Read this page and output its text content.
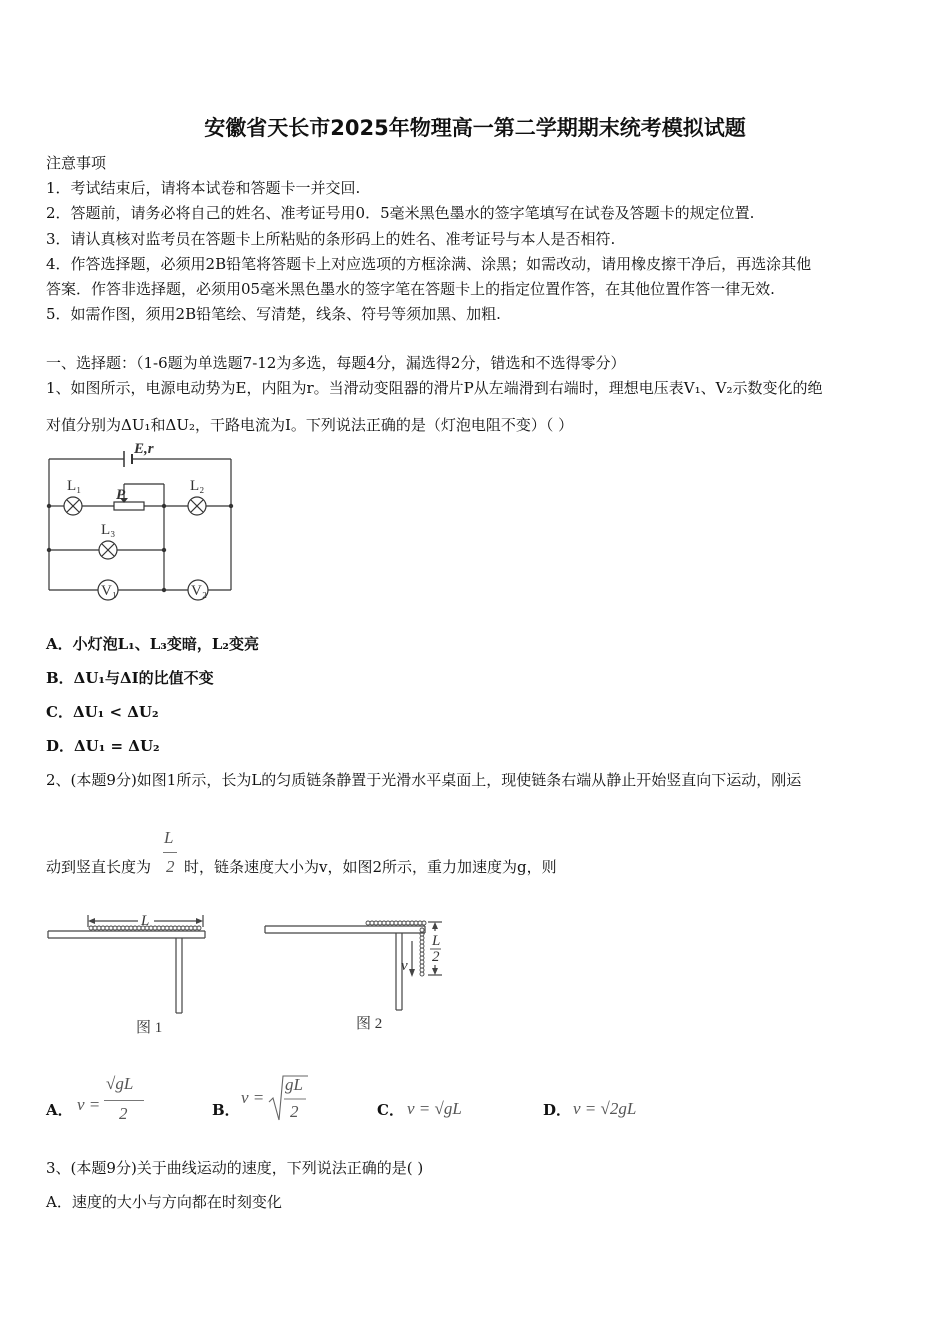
安徽省天长市2025年物理高一第二学期期末统考模拟试题
注意事项
1．考试结束后，请将本试卷和答题卡一并交回.
2．答题前，请务必将自己的姓名、准考证号用0．5毫米黑色墨水的签字笔填写在试卷及答题卡的规定位置.
3．请认真核对监考员在答题卡上所粘贴的条形码上的姓名、准考证号与本人是否相符.
4．作答选择题，必须用2B铅笔将答题卡上对应选项的方框涂满、涂黑；如需改动，请用橡皮擦干净后，再选涂其他
答案．作答非选择题，必须用05毫米黑色墨水的签字笔在答题卡上的指定位置作答，在其他位置作答一律无效.
5．如需作图，须用2B铅笔绘、写清楚，线条、符号等须加黑、加粗.
一、选择题：（1-6题为单选题7-12为多选，每题4分，漏选得2分，错选和不选得零分）
1、如图所示，电源电动势为E，内阻为r。当滑动变阻器的滑片P从左端滑到右端时，理想电压表V₁、V₂示数变化的绝
对值分别为ΔU₁和ΔU₂，干路电流为I。下列说法正确的是（灯泡电阻不变）（ ）
E,r
L₁	L₂
L₃
P
V₁	V₂
A．小灯泡L₁、L₃变暗，L₂变亮
B．ΔU₁与ΔI的比值不变
C．ΔU₁ < ΔU₂
D．ΔU₁ = ΔU₂
2、(本题9分)如图1所示，长为L的匀质链条静置于光滑水平桌面上，现使链条右端从静止开始竖直向下运动，刚运
动到竖直长度为
L
2 时，链条速度大小为v，如图2所示，重力加速度为g，则
L
图 1
v
L
2
图 2
A． v =
√gL
2	B．
v =
gL
2	C． v = √gL	D． v = √2gL
3、(本题9分)关于曲线运动的速度，下列说法正确的是( )
A．速度的大小与方向都在时刻变化
